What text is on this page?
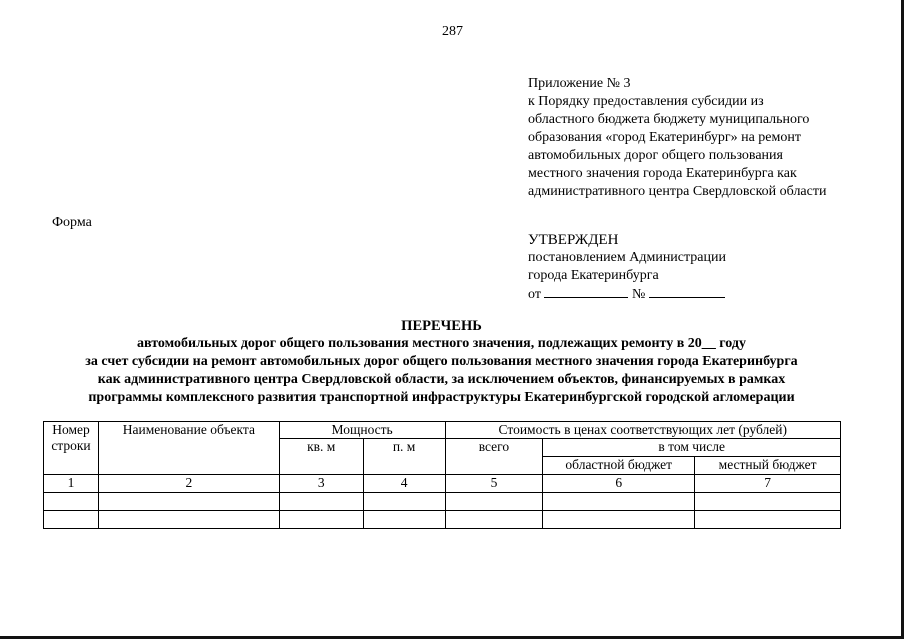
287
Приложение № 3
к Порядку предоставления субсидии из
областного бюджета бюджету муниципального
образования «город Екатеринбург» на ремонт
автомобильных дорог общего пользования
местного значения города Екатеринбурга как
административного центра Свердловской области
Форма
УТВЕРЖДЕН
постановлением Администрации
города Екатеринбурга
от	№
ПЕРЕЧЕНЬ
автомобильных дорог общего пользования местного значения, подлежащих ремонту в 20__ году
за счет субсидии на ремонт автомобильных дорог общего пользования местного значения города Екатеринбурга
как административного центра Свердловской области, за исключением объектов, финансируемых в рамках
программы комплексного развития транспортной инфраструктуры Екатеринбургской городской агломерации
Номер
строки	Наименование объекта	Мощность		Стоимость в ценах соответствующих лет (рублей)		
		кв. м	п. м	всего	в том числе	
					областной бюджет	местный бюджет
1	2	3	4	5	6	7
